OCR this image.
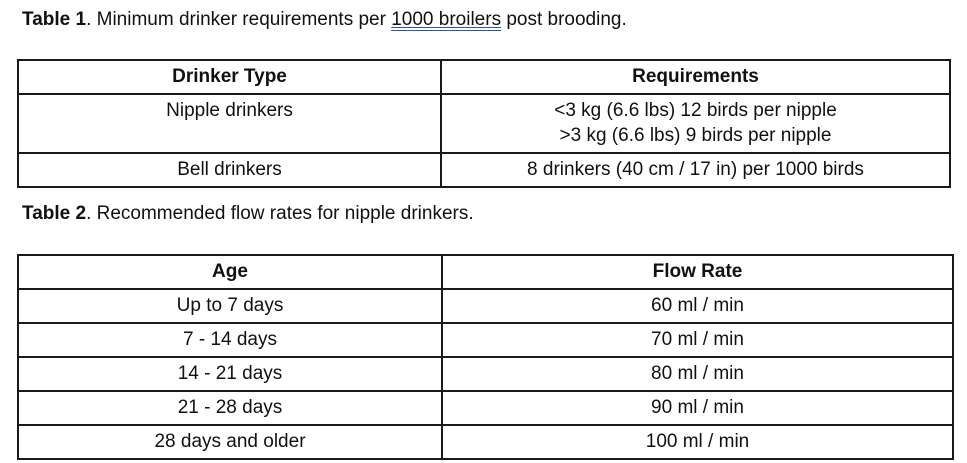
Table 1. Minimum drinker requirements per 1000 broilers post brooding.
Drinker Type	Requirements
Nipple drinkers	<3 kg (6.6 lbs) 12 birds per nipple
>3 kg (6.6 lbs) 9 birds per nipple

Bell drinkers	8 drinkers (40 cm / 17 in) per 1000 birds
Table 2. Recommended flow rates for nipple drinkers.
Age	Flow Rate
Up to 7 days	60 ml / min
7 - 14 days	70 ml / min
14 - 21 days	80 ml / min
21 - 28 days	90 ml / min
28 days and older	100 ml / min
